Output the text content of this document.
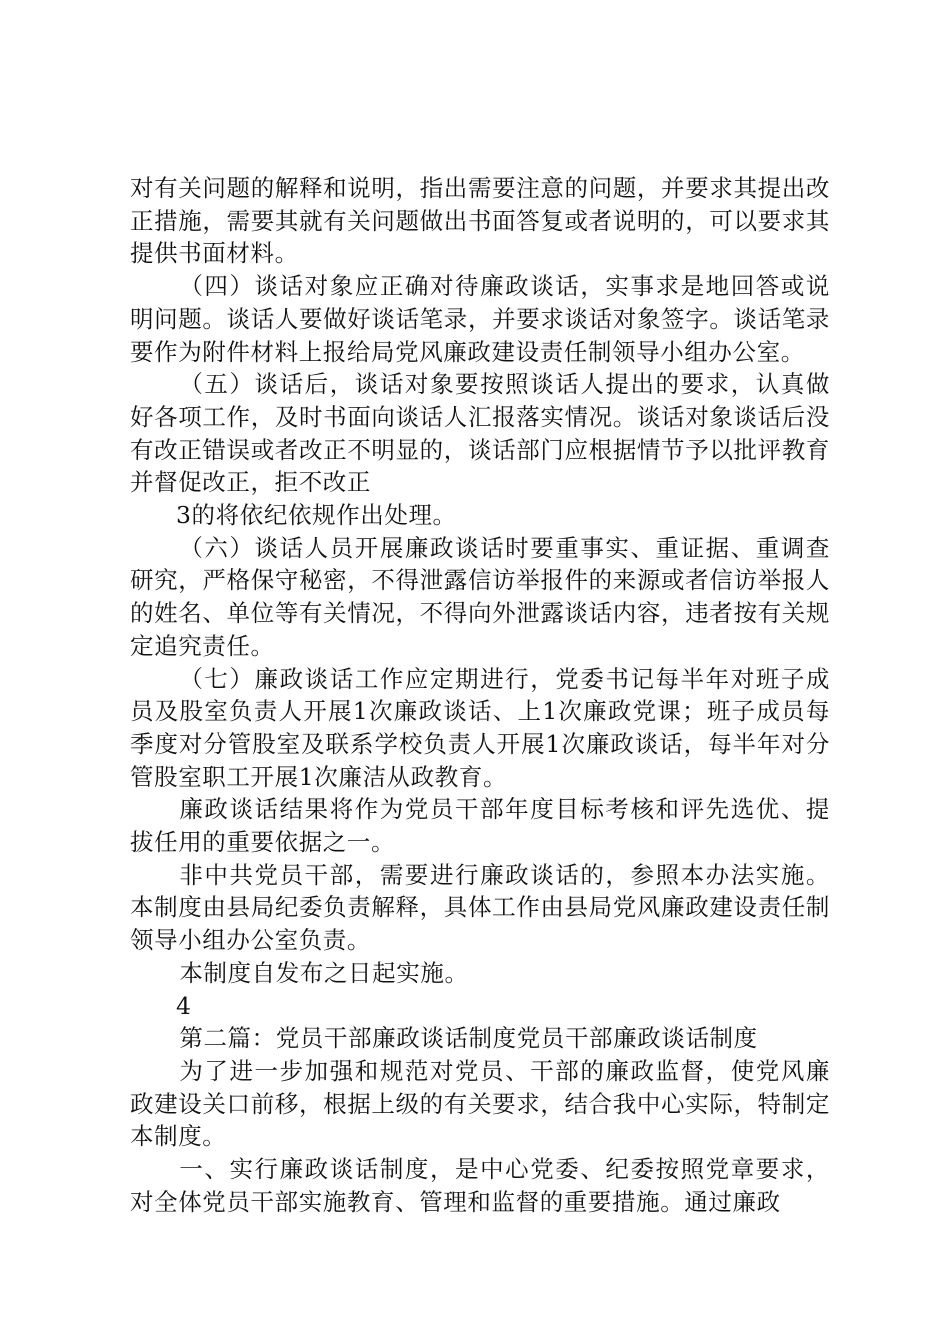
对有关问题的解释和说明，指出需要注意的问题，并要求其提出改正措施，需要其就有关问题做出书面答复或者说明的，可以要求其提供书面材料。

（四）谈话对象应正确对待廉政谈话，实事求是地回答或说明问题。谈话人要做好谈话笔录，并要求谈话对象签字。谈话笔录要作为附件材料上报给局党风廉政建设责任制领导小组办公室。

（五）谈话后，谈话对象要按照谈话人提出的要求，认真做好各项工作，及时书面向谈话人汇报落实情况。谈话对象谈话后没有改正错误或者改正不明显的，谈话部门应根据情节予以批评教育并督促改正，拒不改正

3的将依纪依规作出处理。

（六）谈话人员开展廉政谈话时要重事实、重证据、重调查研究，严格保守秘密，不得泄露信访举报件的来源或者信访举报人的姓名、单位等有关情况，不得向外泄露谈话内容，违者按有关规定追究责任。

（七）廉政谈话工作应定期进行，党委书记每半年对班子成员及股室负责人开展1次廉政谈话、上1次廉政党课；班子成员每季度对分管股室及联系学校负责人开展1次廉政谈话，每半年对分管股室职工开展1次廉洁从政教育。

廉政谈话结果将作为党员干部年度目标考核和评先选优、提拔任用的重要依据之一。

非中共党员干部，需要进行廉政谈话的，参照本办法实施。本制度由县局纪委负责解释，具体工作由县局党风廉政建设责任制领导小组办公室负责。

本制度自发布之日起实施。

4

第二篇：党员干部廉政谈话制度党员干部廉政谈话制度

为了进一步加强和规范对党员、干部的廉政监督，使党风廉政建设关口前移，根据上级的有关要求，结合我中心实际，特制定本制度。

一、实行廉政谈话制度，是中心党委、纪委按照党章要求，对全体党员干部实施教育、管理和监督的重要措施。通过廉政
